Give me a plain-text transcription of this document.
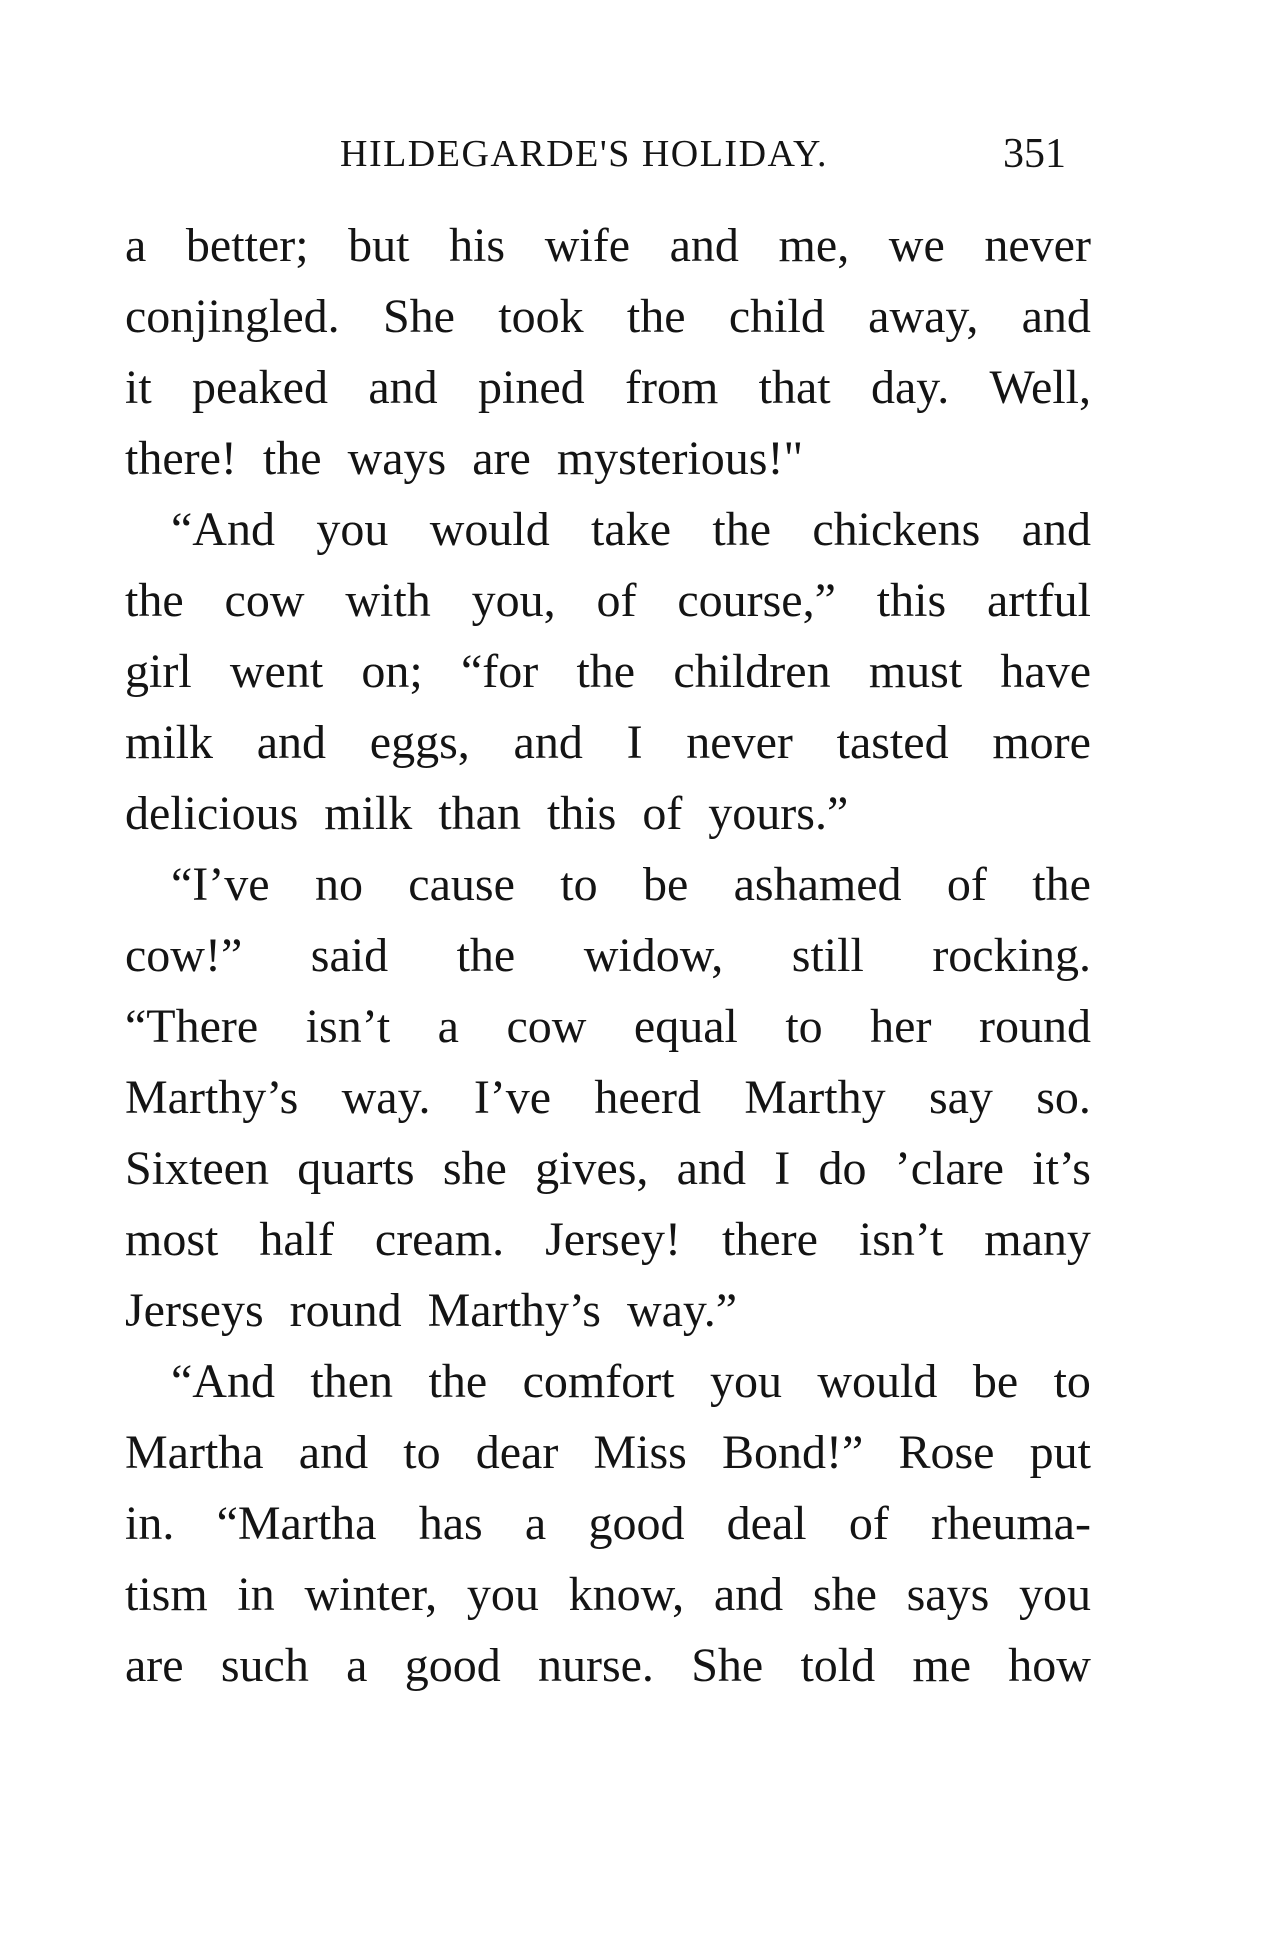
HILDEGARDE'S HOLIDAY.	351
a better; but his wife and me, we never
conjingled. She took the child away, and
it peaked and pined from that day. Well,
there! the ways are mysterious!"
“And you would take the chickens and
the cow with you, of course,” this artful
girl went on; “for the children must have
milk and eggs, and I never tasted more
delicious milk than this of yours.”
“I’ve no cause to be ashamed of the
cow!” said the widow, still rocking.
“There isn’t a cow equal to her round
Marthy’s way. I’ve heerd Marthy say so.
Sixteen quarts she gives, and I do ’clare it’s
most half cream. Jersey! there isn’t many
Jerseys round Marthy’s way.”
“And then the comfort you would be to
Martha and to dear Miss Bond!” Rose put
in. “Martha has a good deal of rheuma-
tism in winter, you know, and she says you
are such a good nurse. She told me how
